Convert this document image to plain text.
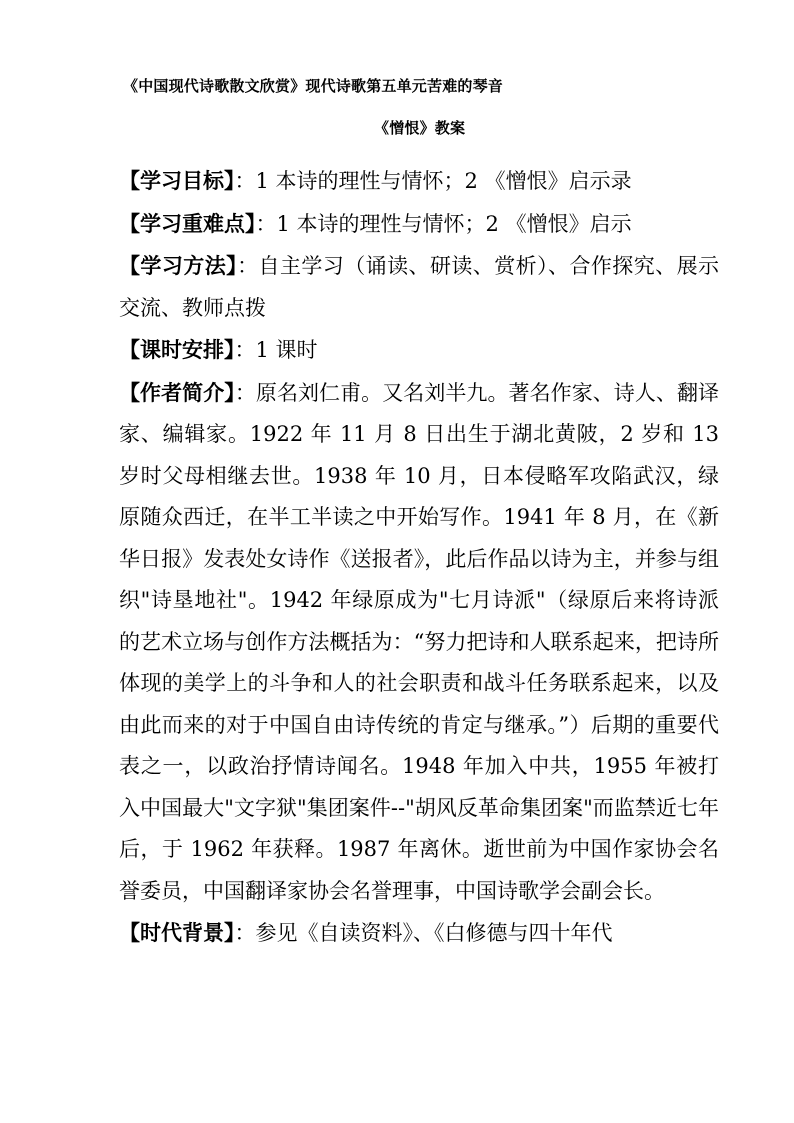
《中国现代诗歌散文欣赏》现代诗歌第五单元苦难的琴音
《憎恨》教案

【学习目标】：1 本诗的理性与情怀；2 《憎恨》启示录

【学习重难点】：1 本诗的理性与情怀；2 《憎恨》启示

【学习方法】：自主学习（诵读、研读、赏析）、合作探究、展示交流、教师点拨

【课时安排】：1 课时

【作者简介】：原名刘仁甫。又名刘半九。著名作家、诗人、翻译家、编辑家。1922 年 11 月 8 日出生于湖北黄陂，2 岁和 13 岁时父母相继去世。1938 年 10 月，日本侵略军攻陷武汉，绿原随众西迁，在半工半读之中开始写作。1941 年 8 月，在《新华日报》发表处女诗作《送报者》，此后作品以诗为主，并参与组织"诗垦地社"。1942 年绿原成为"七月诗派"（绿原后来将诗派的艺术立场与创作方法概括为：“努力把诗和人联系起来，把诗所体现的美学上的斗争和人的社会职责和战斗任务联系起来，以及由此而来的对于中国自由诗传统的肯定与继承。”）后期的重要代表之一，以政治抒情诗闻名。1948 年加入中共，1955 年被打入中国最大"文字狱"集团案件--"胡风反革命集团案"而监禁近七年后，于 1962 年获释。1987 年离休。逝世前为中国作家协会名誉委员，中国翻译家协会名誉理事，中国诗歌学会副会长。

【时代背景】：参见《自读资料》、《白修德与四十年代
